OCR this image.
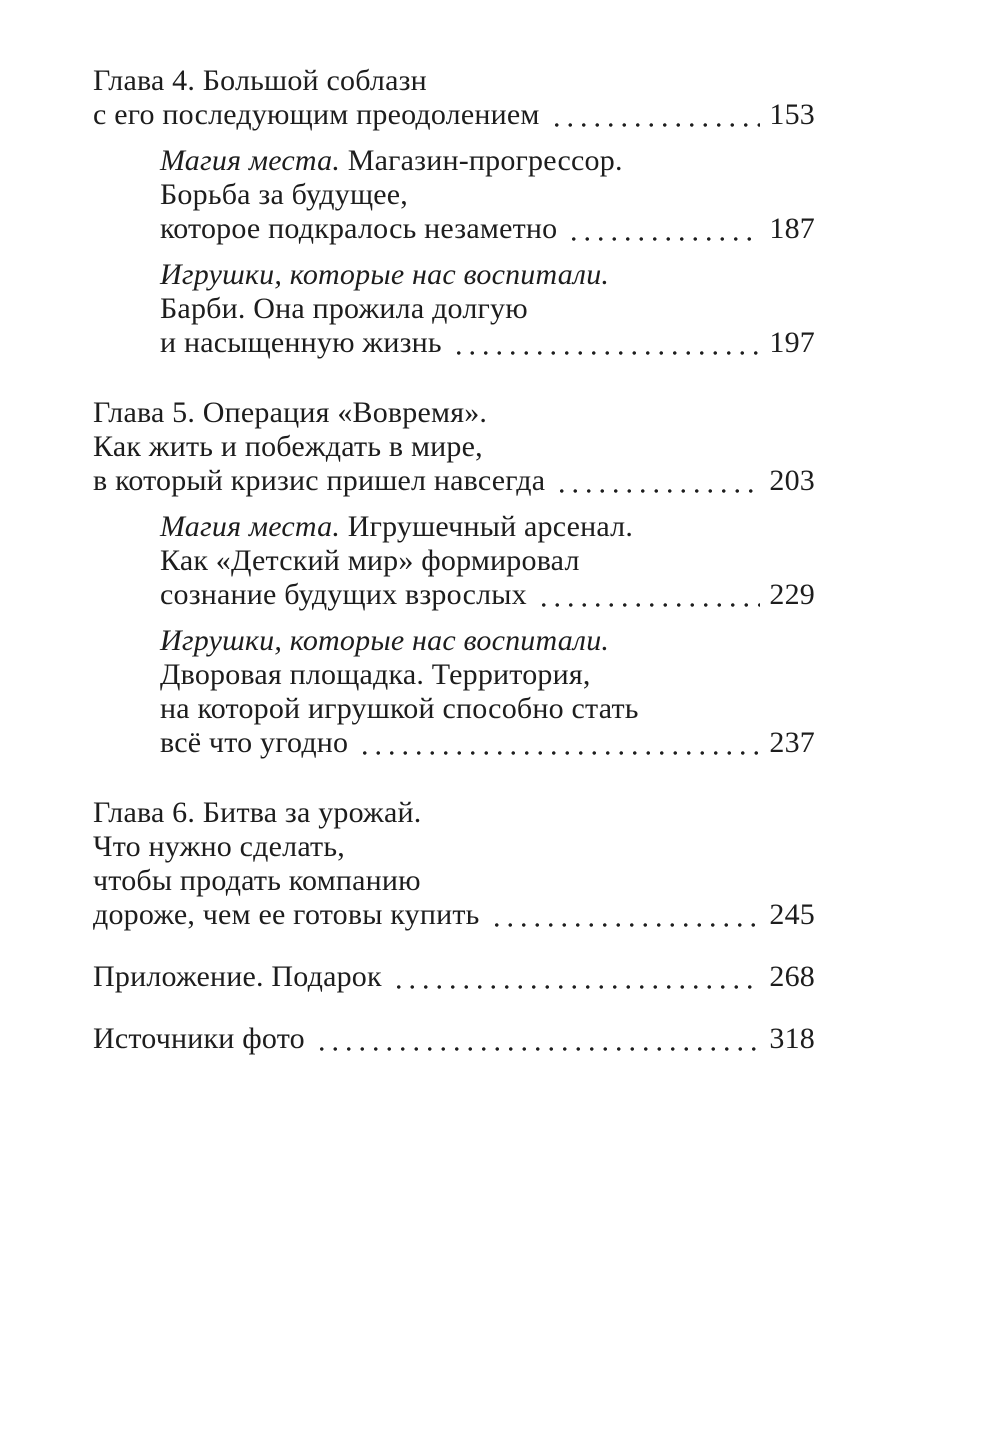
Глава 4. Большой соблазн
с его последующим преодолением	153
Магия места. Магазин-прогрессор.
Борьба за будущее,
которое подкралось незаметно	187
Игрушки, которые нас воспитали.
Барби. Она прожила долгую
и насыщенную жизнь	197
Глава 5. Операция «Вовремя».
Как жить и побеждать в мире,
в который кризис пришел навсегда	203
Магия места. Игрушечный арсенал.
Как «Детский мир» формировал
сознание будущих взрослых	229
Игрушки, которые нас воспитали.
Дворовая площадка. Территория,
на которой игрушкой способно стать
всё что угодно	237
Глава 6. Битва за урожай.
Что нужно сделать,
чтобы продать компанию
дороже, чем ее готовы купить	245
Приложение. Подарок	268
Источники фото	318
